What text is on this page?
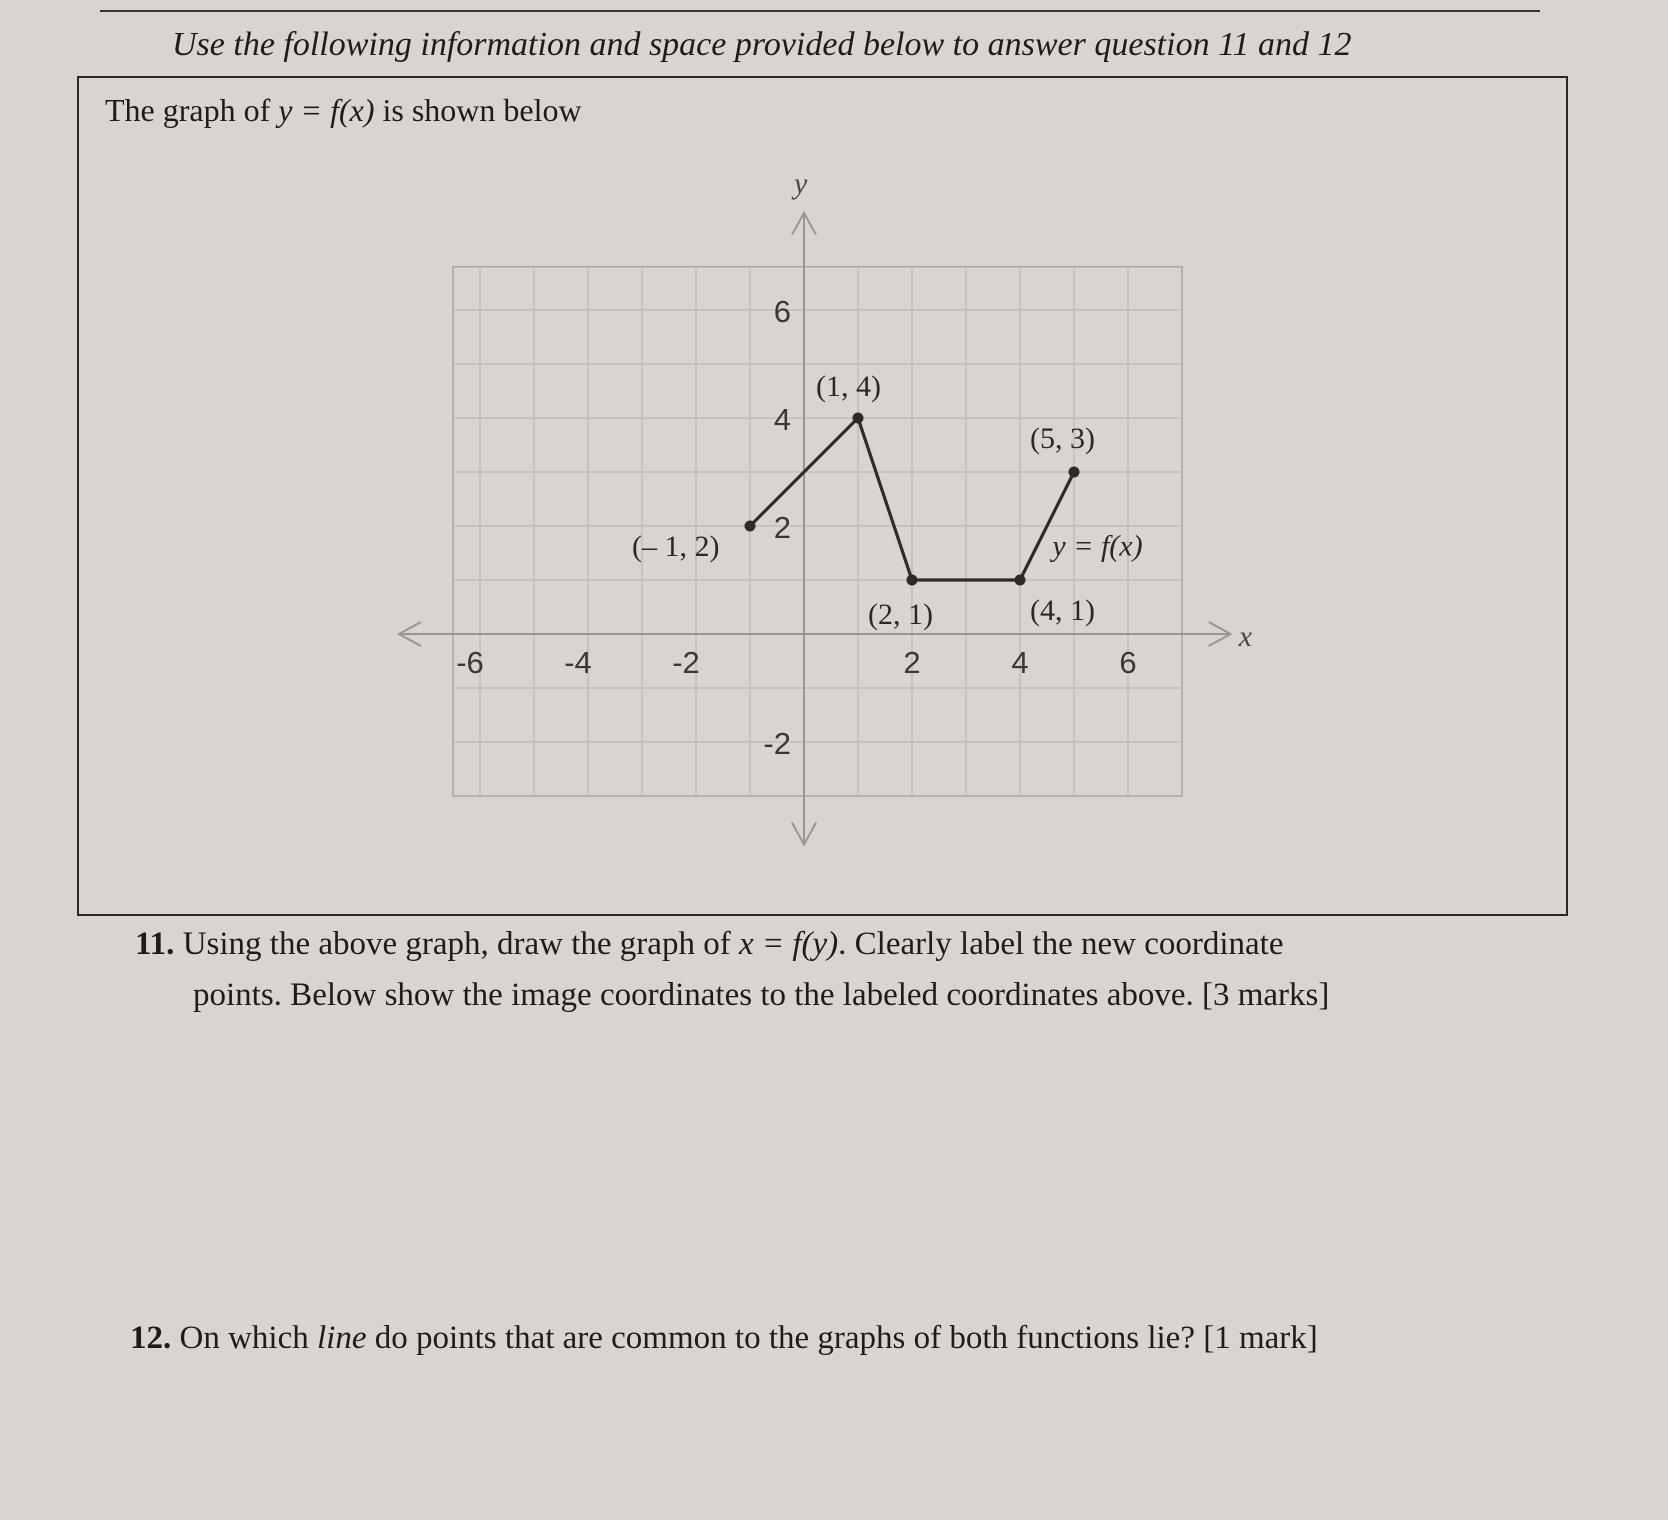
Use the following information and space provided below to answer question 11 and 12
The graph of y = f(x) is shown below
x
y
-6	-4	-2	2	4	6
6
4
2
-2
(– 1, 2)
(1, 4)
(2, 1)	(4, 1)
(5, 3)
y = f(x)
11. Using the above graph, draw the graph of x = f(y). Clearly label the new coordinate
points. Below show the image coordinates to the labeled coordinates above. [3 marks]
12. On which line do points that are common to the graphs of both functions lie? [1 mark]
